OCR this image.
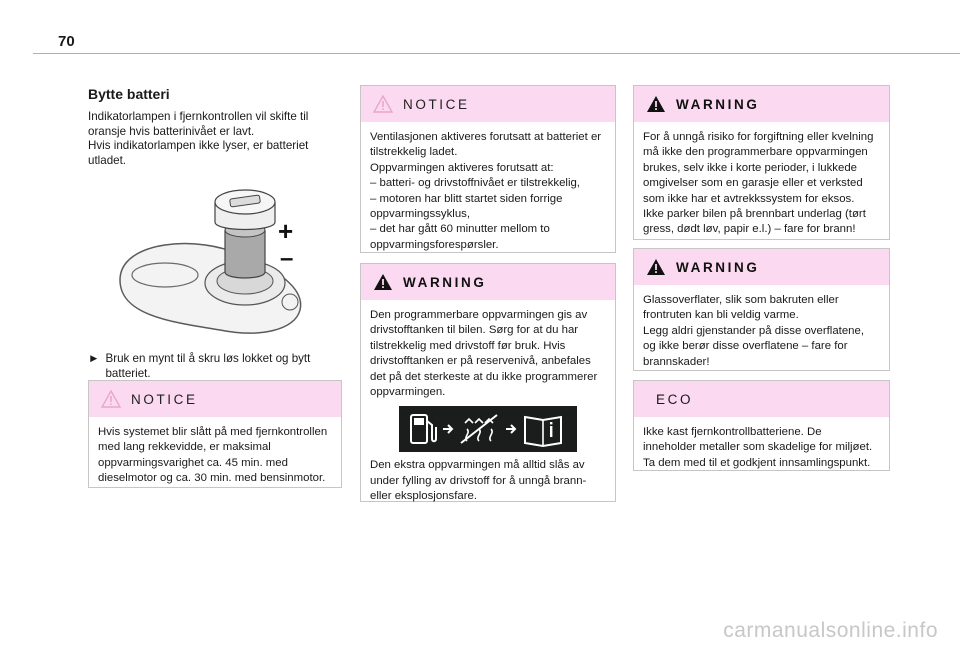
70
Bytte batteri

Indikatorlampen i fjernkontrollen vil skifte til
oransje hvis batterinivået er lavt.
Hvis indikatorlampen ikke lyser, er batteriet
utladet.

+
–
► Bruk en mynt til å skru løs lokket og bytt
batteriet.
NOTICE
Hvis systemet blir slått på med fjernkontrollen
med lang rekkevidde, er maksimal
oppvarmingsvarighet ca. 45 min. med
dieselmotor og ca. 30 min. med bensinmotor.
NOTICE
Ventilasjonen aktiveres forutsatt at batteriet er
tilstrekkelig ladet.
Oppvarmingen aktiveres forutsatt at:
– batteri- og drivstoffnivået er tilstrekkelig,
– motoren har blitt startet siden forrige
oppvarmingssyklus,
– det har gått 60 minutter mellom to
oppvarmingsforespørsler.
WARNING
Den programmerbare oppvarmingen gis av
drivstofftanken til bilen. Sørg for at du har
tilstrekkelig med drivstoff før bruk. Hvis
drivstofftanken er på reservenivå, anbefales
det på det sterkeste at du ikke programmerer
oppvarmingen.
Den ekstra oppvarmingen må alltid slås av
under fylling av drivstoff for å unngå brann-
eller eksplosjonsfare.
WARNING
For å unngå risiko for forgiftning eller kvelning
må ikke den programmerbare oppvarmingen
brukes, selv ikke i korte perioder, i lukkede
omgivelser som en garasje eller et verksted
som ikke har et avtrekkssystem for eksos.
Ikke parker bilen på brennbart underlag (tørt
gress, dødt løv, papir e.l.) – fare for brann!
WARNING
Glassoverflater, slik som bakruten eller
frontruten kan bli veldig varme.
Legg aldri gjenstander på disse overflatene,
og ikke berør disse overflatene – fare for
brannskader!
ECO
Ikke kast fjernkontrollbatteriene. De
inneholder metaller som skadelige for miljøet.
Ta dem med til et godkjent innsamlingspunkt.
carmanualsonline.info
